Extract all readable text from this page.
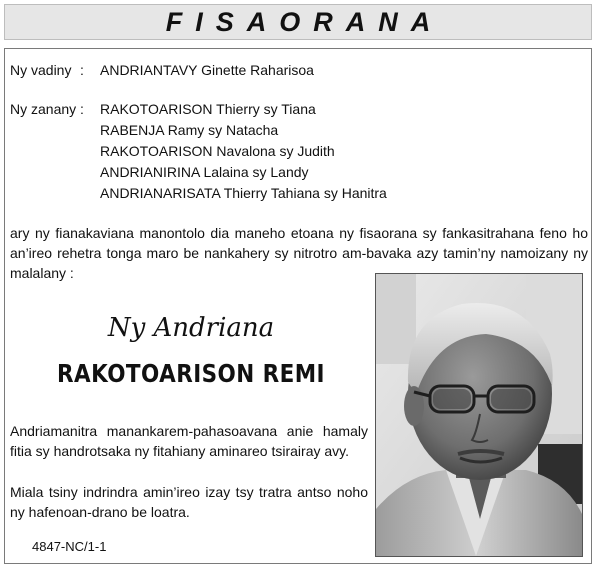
FISAORANA
Ny vadiny : ANDRIANTAVY Ginette Raharisoa
Ny zanany : RAKOTOARISON Thierry sy Tiana
RABENJA Ramy sy Natacha
RAKOTOARISON Navalona sy Judith
ANDRIANIRINA Lalaina sy Landy
ANDRIANARISATA Thierry Tahiana sy Hanitra
ary ny fianakaviana manontolo dia maneho etoana ny fisaorana sy fankasitrahana feno ho an’ireo rehetra tonga maro be nankahery sy nitrotro am-bavaka azy tamin’ny namoizany ny malalany :
Ny Andriana
RAKOTOARISON REMI
Andriamanitra manankarem-pahasoavana anie hamaly fitia sy handrotsaka ny fitahiany aminareo tsirairay avy.
Miala tsiny indrindra amin’ireo izay tsy tratra antso noho ny hafenoan-drano be loatra.
4847-NC/1-1
